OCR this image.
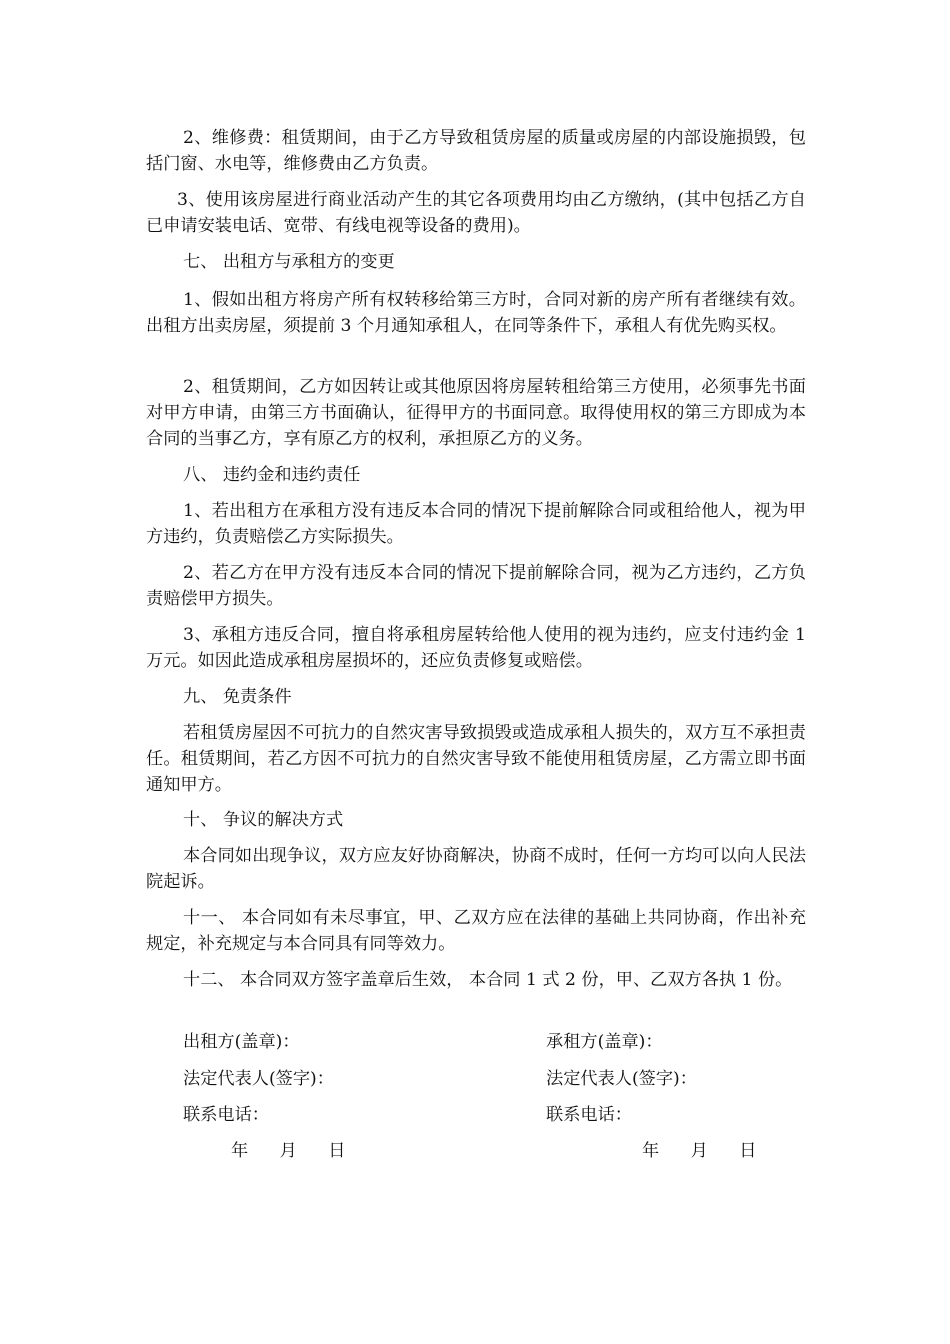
2、维修费：租赁期间，由于乙方导致租赁房屋的质量或房屋的内部设施损毁，包括门窗、水电等，维修费由乙方负责。

3、使用该房屋进行商业活动产生的其它各项费用均由乙方缴纳，(其中包括乙方自已申请安装电话、宽带、有线电视等设备的费用)。

七、 出租方与承租方的变更

1、假如出租方将房产所有权转移给第三方时，合同对新的房产所有者继续有效。出租方出卖房屋，须提前 3 个月通知承租人，在同等条件下，承租人有优先购买权。

2、租赁期间，乙方如因转让或其他原因将房屋转租给第三方使用，必须事先书面对甲方申请，由第三方书面确认，征得甲方的书面同意。取得使用权的第三方即成为本合同的当事乙方，享有原乙方的权利，承担原乙方的义务。

八、 违约金和违约责任

1、若出租方在承租方没有违反本合同的情况下提前解除合同或租给他人，视为甲方违约，负责赔偿乙方实际损失。

2、若乙方在甲方没有违反本合同的情况下提前解除合同，视为乙方违约，乙方负责赔偿甲方损失。

3、承租方违反合同，擅自将承租房屋转给他人使用的视为违约，应支付违约金 1 万元。如因此造成承租房屋损坏的，还应负责修复或赔偿。

九、 免责条件

若租赁房屋因不可抗力的自然灾害导致损毁或造成承租人损失的，双方互不承担责任。租赁期间，若乙方因不可抗力的自然灾害导致不能使用租赁房屋，乙方需立即书面通知甲方。

十、 争议的解决方式

本合同如出现争议，双方应友好协商解决，协商不成时，任何一方均可以向人民法院起诉。

十一、 本合同如有未尽事宜，甲、乙双方应在法律的基础上共同协商，作出补充规定，补充规定与本合同具有同等效力。

十二、 本合同双方签字盖章后生效， 本合同 1 式 2 份，甲、乙双方各执 1 份。

出租方(盖章)：	承租方(盖章)：

法定代表人(签字)：	法定代表人(签字)：

联系电话：	联系电话：

年 月 日	年 月 日
